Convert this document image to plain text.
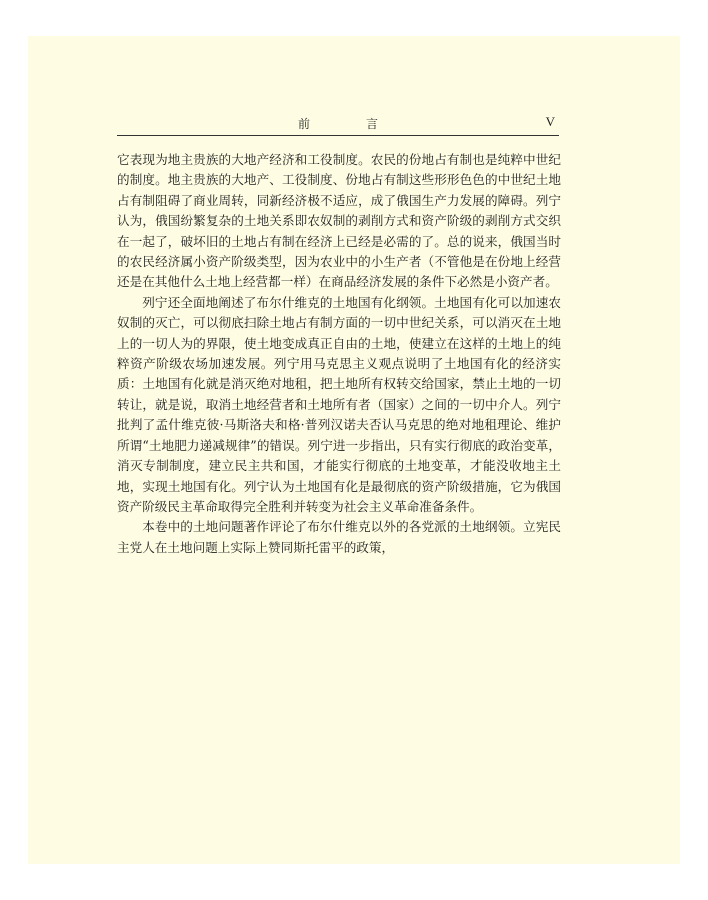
前　言	V

它表现为地主贵族的大地产经济和工役制度。农民的份地占有制也是纯粹中世纪的制度。地主贵族的大地产、工役制度、份地占有制这些形形色色的中世纪土地占有制阻碍了商业周转，同新经济极不适应，成了俄国生产力发展的障碍。列宁认为，俄国纷繁复杂的土地关系即农奴制的剥削方式和资产阶级的剥削方式交织在一起了，破坏旧的土地占有制在经济上已经是必需的了。总的说来，俄国当时的农民经济属小资产阶级类型，因为农业中的小生产者（不管他是在份地上经营还是在其他什么土地上经营都一样）在商品经济发展的条件下必然是小资产者。

列宁还全面地阐述了布尔什维克的土地国有化纲领。土地国有化可以加速农奴制的灭亡，可以彻底扫除土地占有制方面的一切中世纪关系，可以消灭在土地上的一切人为的界限，使土地变成真正自由的土地，使建立在这样的土地上的纯粹资产阶级农场加速发展。列宁用马克思主义观点说明了土地国有化的经济实质：土地国有化就是消灭绝对地租，把土地所有权转交给国家，禁止土地的一切转让，就是说，取消土地经营者和土地所有者（国家）之间的一切中介人。列宁批判了孟什维克彼·马斯洛夫和格·普列汉诺夫否认马克思的绝对地租理论、维护所谓“土地肥力递减规律”的错误。列宁进一步指出，只有实行彻底的政治变革，消灭专制制度，建立民主共和国，才能实行彻底的土地变革，才能没收地主土地，实现土地国有化。列宁认为土地国有化是最彻底的资产阶级措施，它为俄国资产阶级民主革命取得完全胜利并转变为社会主义革命准备条件。

本卷中的土地问题著作评论了布尔什维克以外的各党派的土地纲领。立宪民主党人在土地问题上实际上赞同斯托雷平的政策，
